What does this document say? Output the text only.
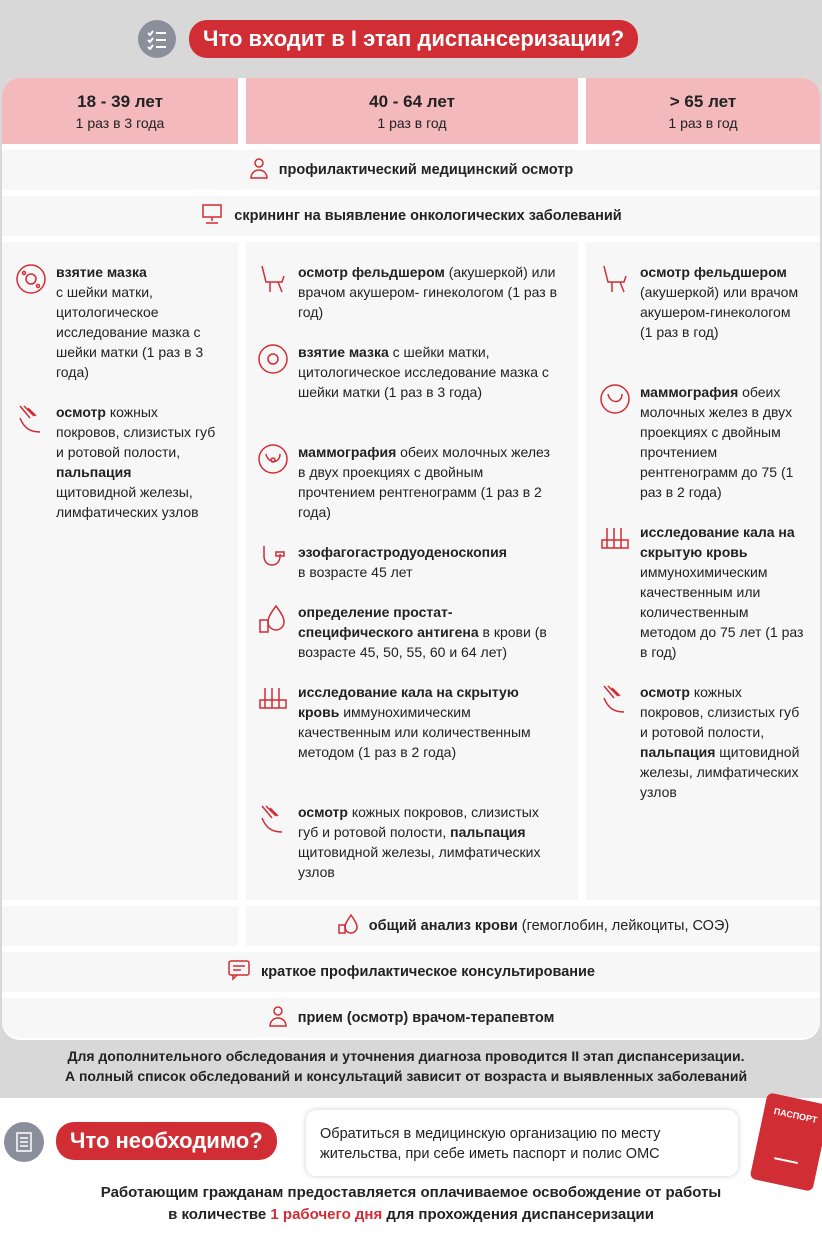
Что входит в I этап диспансеризации?
18 - 39 лет
1 раз в 3 года
40 - 64 лет
1 раз в год
> 65 лет
1 раз в год
профилактический медицинский осмотр
скрининг на выявление онкологических заболеваний
взятие мазка
с шейки матки, цитологическое исследование мазка с шейки матки (1 раз в 3 года)
осмотр кожных покровов, слизистых губ и ротовой полости,
пальпация
щитовидной железы, лимфатических узлов
осмотр фельдшером (акушеркой) или врачом акушером- гинекологом (1 раз в год)
взятие мазка с шейки матки, цитологическое исследование мазка с шейки матки (1 раз в 3 года)
маммография обеих молочных желез в двух проекциях с двойным прочтением рентгенограмм (1 раз в 2 года)
эзофагогастродуоденоскопия
в возрасте 45 лет
определение простат-специфического антигена в крови (в возрасте 45, 50, 55, 60 и 64 лет)
исследование кала на скрытую кровь иммунохимическим качественным или количественным методом (1 раз в 2 года)
осмотр кожных покровов, слизистых губ и ротовой полости, пальпация щитовидной железы, лимфатических узлов
осмотр фельдшером (акушеркой) или врачом акушером-гинекологом (1 раз в год)
маммография обеих молочных желез в двух проекциях с двойным прочтением рентгенограмм до 75 (1 раз в 2 года)
исследование кала на скрытую кровь иммунохимическим качественным или количественным методом до 75 лет (1 раз в год)
осмотр кожных покровов, слизистых губ и ротовой полости, пальпация щитовидной железы, лимфатических узлов
общий анализ крови (гемоглобин, лейкоциты, СОЭ)
краткое профилактическое консультирование
прием (осмотр) врачом-терапевтом
Для дополнительного обследования и уточнения диагноза проводится II этап диспансеризации.
А полный список обследований и консультаций зависит от возраста и выявленных заболеваний
Что необходимо?	Обратиться в медицинскую организацию по месту жительства, при себе иметь паспорт и полис ОМС
ПАСПОРТ
Работающим гражданам предоставляется оплачиваемое освобождение от работы
в количестве 1 рабочего дня для прохождения диспансеризации
